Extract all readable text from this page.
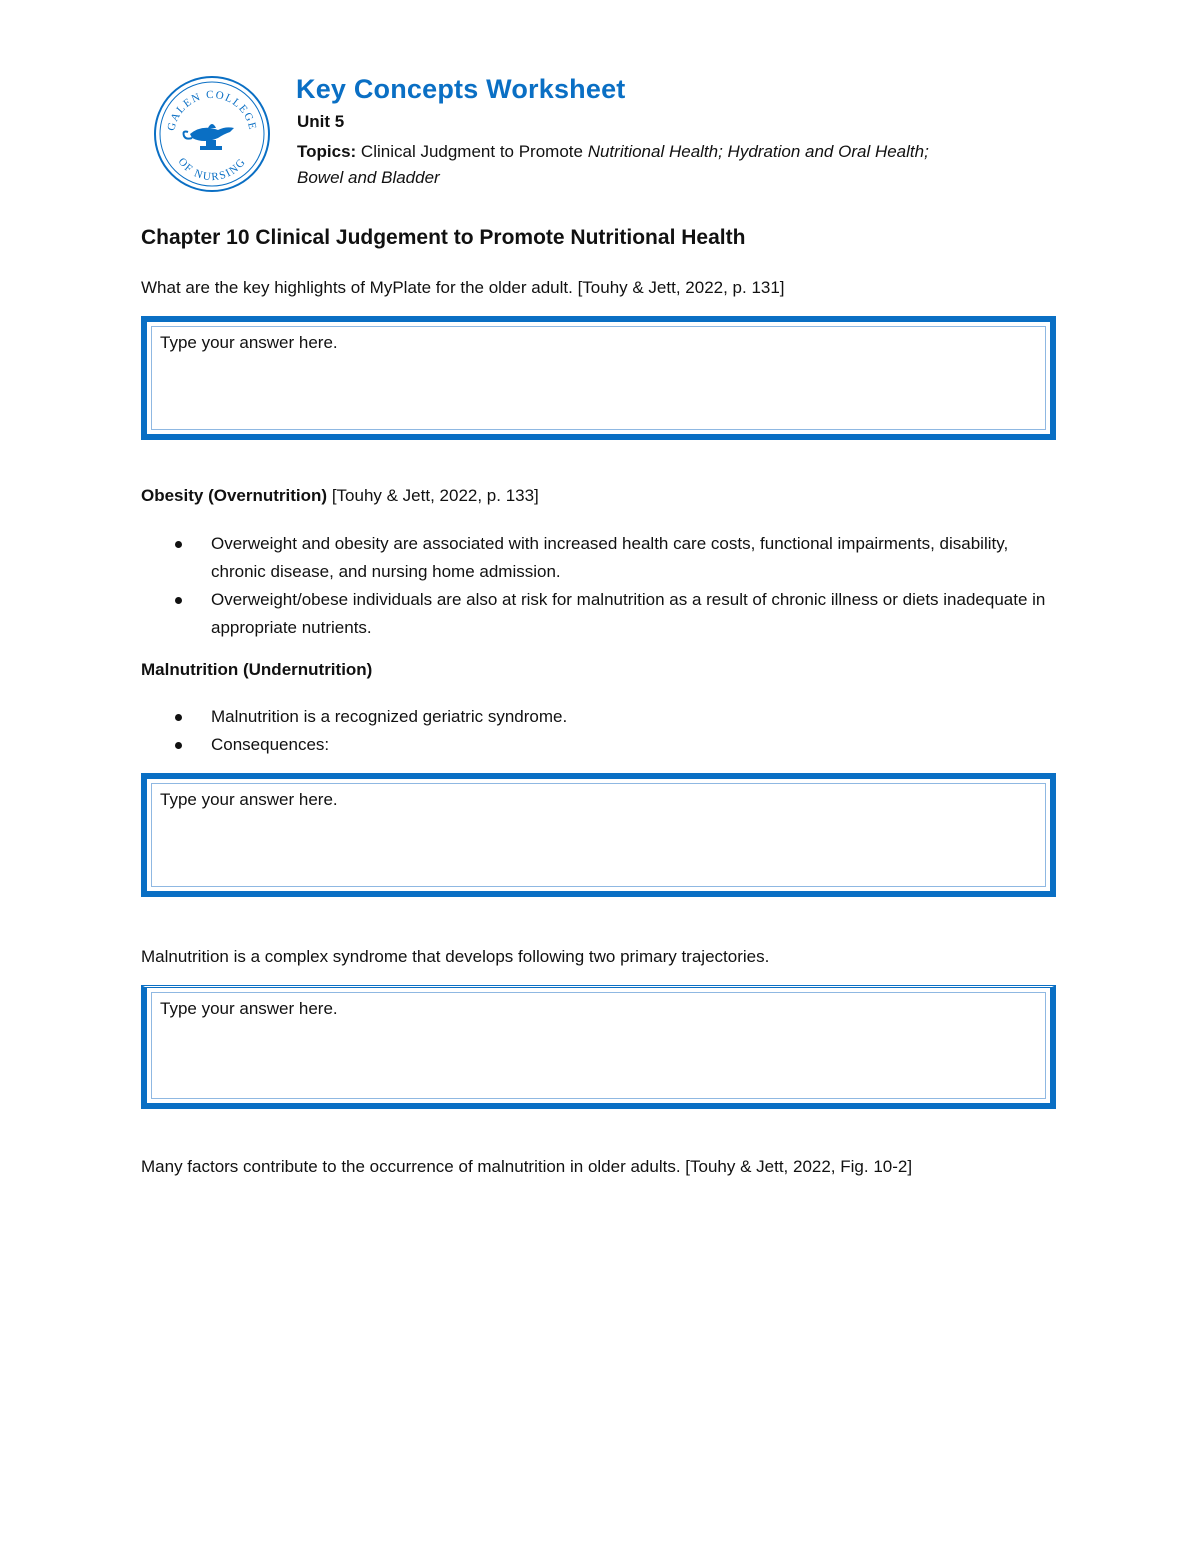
GALEN COLLEGE
OF NURSING
Key Concepts Worksheet
Unit 5
Topics: Clinical Judgment to Promote Nutritional Health; Hydration and Oral Health;
Bowel and Bladder
Chapter 10 Clinical Judgement to Promote Nutritional Health
What are the key highlights of MyPlate for the older adult. [Touhy & Jett, 2022, p. 131]
Type your answer here.
Obesity (Overnutrition) [Touhy & Jett, 2022, p. 133]
Overweight and obesity are associated with increased health care costs, functional impairments, disability, chronic disease, and nursing home admission.
Overweight/obese individuals are also at risk for malnutrition as a result of chronic illness or diets inadequate in appropriate nutrients.
Malnutrition (Undernutrition)
Malnutrition is a recognized geriatric syndrome.
Consequences:
Type your answer here.
Malnutrition is a complex syndrome that develops following two primary trajectories.
Type your answer here.
Many factors contribute to the occurrence of malnutrition in older adults. [Touhy & Jett, 2022, Fig. 10-2]
